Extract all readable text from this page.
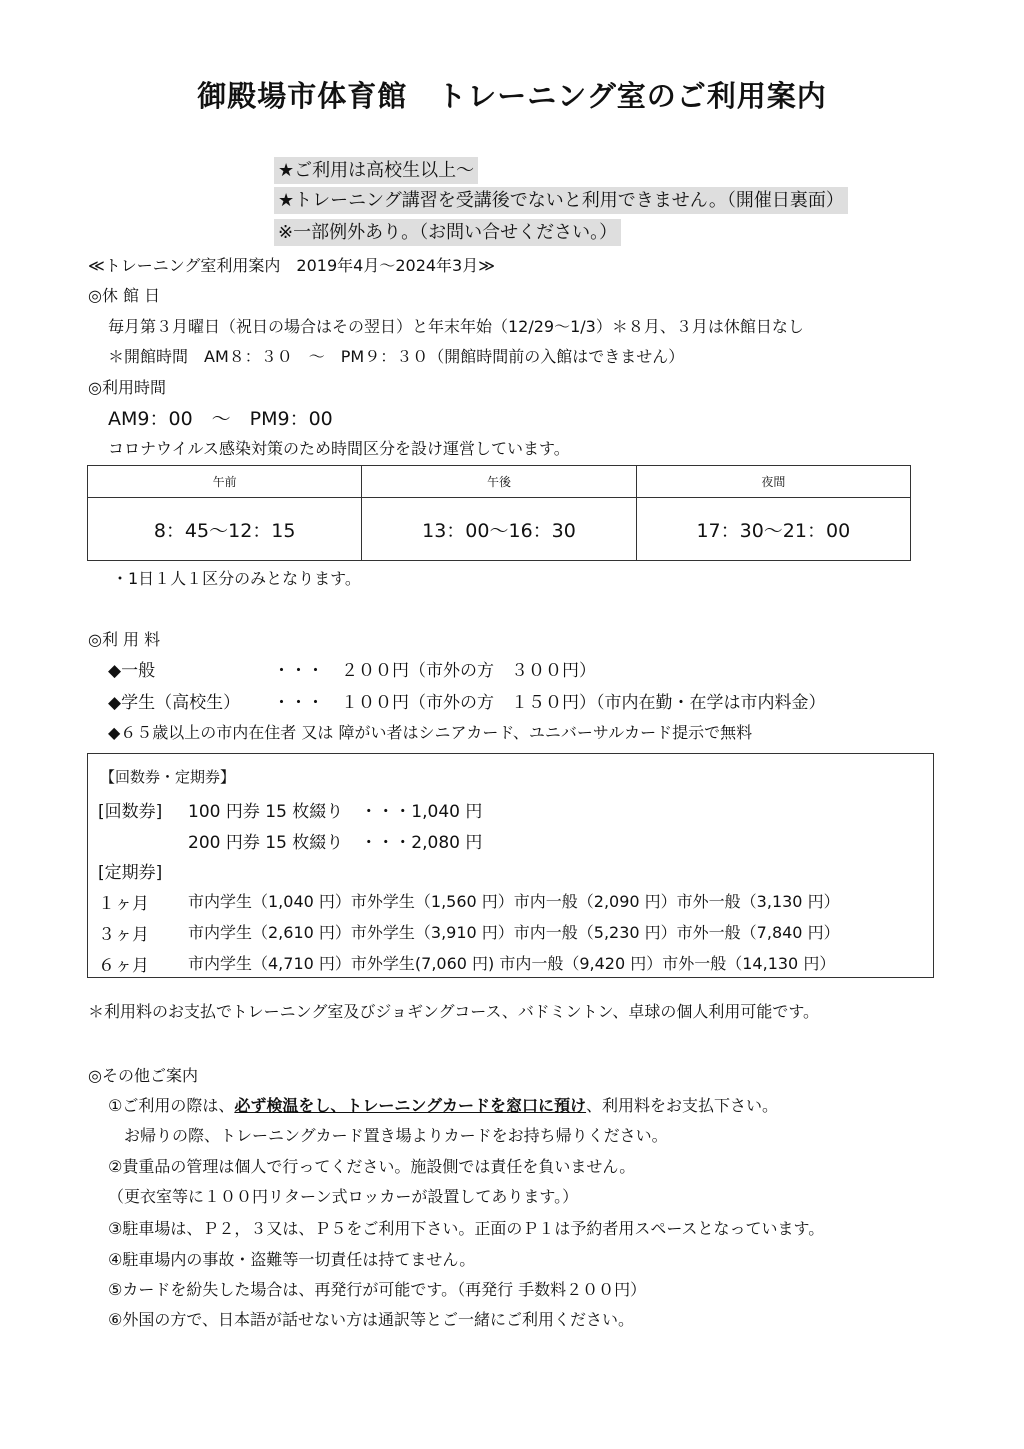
御殿場市体育館　トレーニング室のご利用案内
★ご利用は高校生以上～
★トレーニング講習を受講後でないと利用できません。（開催日裏面）
※一部例外あり。（お問い合せください。）
≪トレーニング室利用案内　2019年4月～2024年3月≫
◎休 館 日
毎月第３月曜日（祝日の場合はその翌日）と年末年始（12/29～1/3）＊８月、３月は休館日なし
＊開館時間　AM８：３０　～　PM９：３０（開館時間前の入館はできません）
◎利用時間
AM9：00　～　PM9：00
コロナウイルス感染対策のため時間区分を設け運営しています。
午前
8：45～12：15
午後
13：00～16：30
夜間
17：30～21：00
・1日１人１区分のみとなります。
◎利 用 料
◆一般	・・・　２００円（市外の方　３００円）
◆学生（高校生） ・・・　１００円（市外の方　１５０円）（市内在勤・在学は市内料金）
◆６５歳以上の市内在住者 又は 障がい者はシニアカード、ユニバーサルカード提示で無料
【回数券・定期券】
[回数券] 100 円券 15 枚綴り　・・・1,040 円
200 円券 15 枚綴り　・・・2,080 円
[定期券]
１ヶ月 市内学生（1,040 円）市外学生（1,560 円）市内一般（2,090 円）市外一般（3,130 円）
３ヶ月 市内学生（2,610 円）市外学生（3,910 円）市内一般（5,230 円）市外一般（7,840 円）
６ヶ月 市内学生（4,710 円）市外学生(7,060 円) 市内一般（9,420 円）市外一般（14,130 円）
＊利用料のお支払でトレーニング室及びジョギングコース、バドミントン、卓球の個人利用可能です。
◎その他ご案内
①ご利用の際は、必ず検温をし、トレーニングカードを窓口に預け、利用料をお支払下さい。
お帰りの際、トレーニングカード置き場よりカードをお持ち帰りください。
②貴重品の管理は個人で行ってください。施設側では責任を負いません。
（更衣室等に１００円リターン式ロッカーが設置してあります。）
③駐車場は、Ｐ２，３又は、Ｐ５をご利用下さい。正面のＰ１は予約者用スペースとなっています。
④駐車場内の事故・盗難等一切責任は持てません。
⑤カードを紛失した場合は、再発行が可能です。（再発行 手数料２００円）
⑥外国の方で、日本語が話せない方は通訳等とご一緒にご利用ください。
